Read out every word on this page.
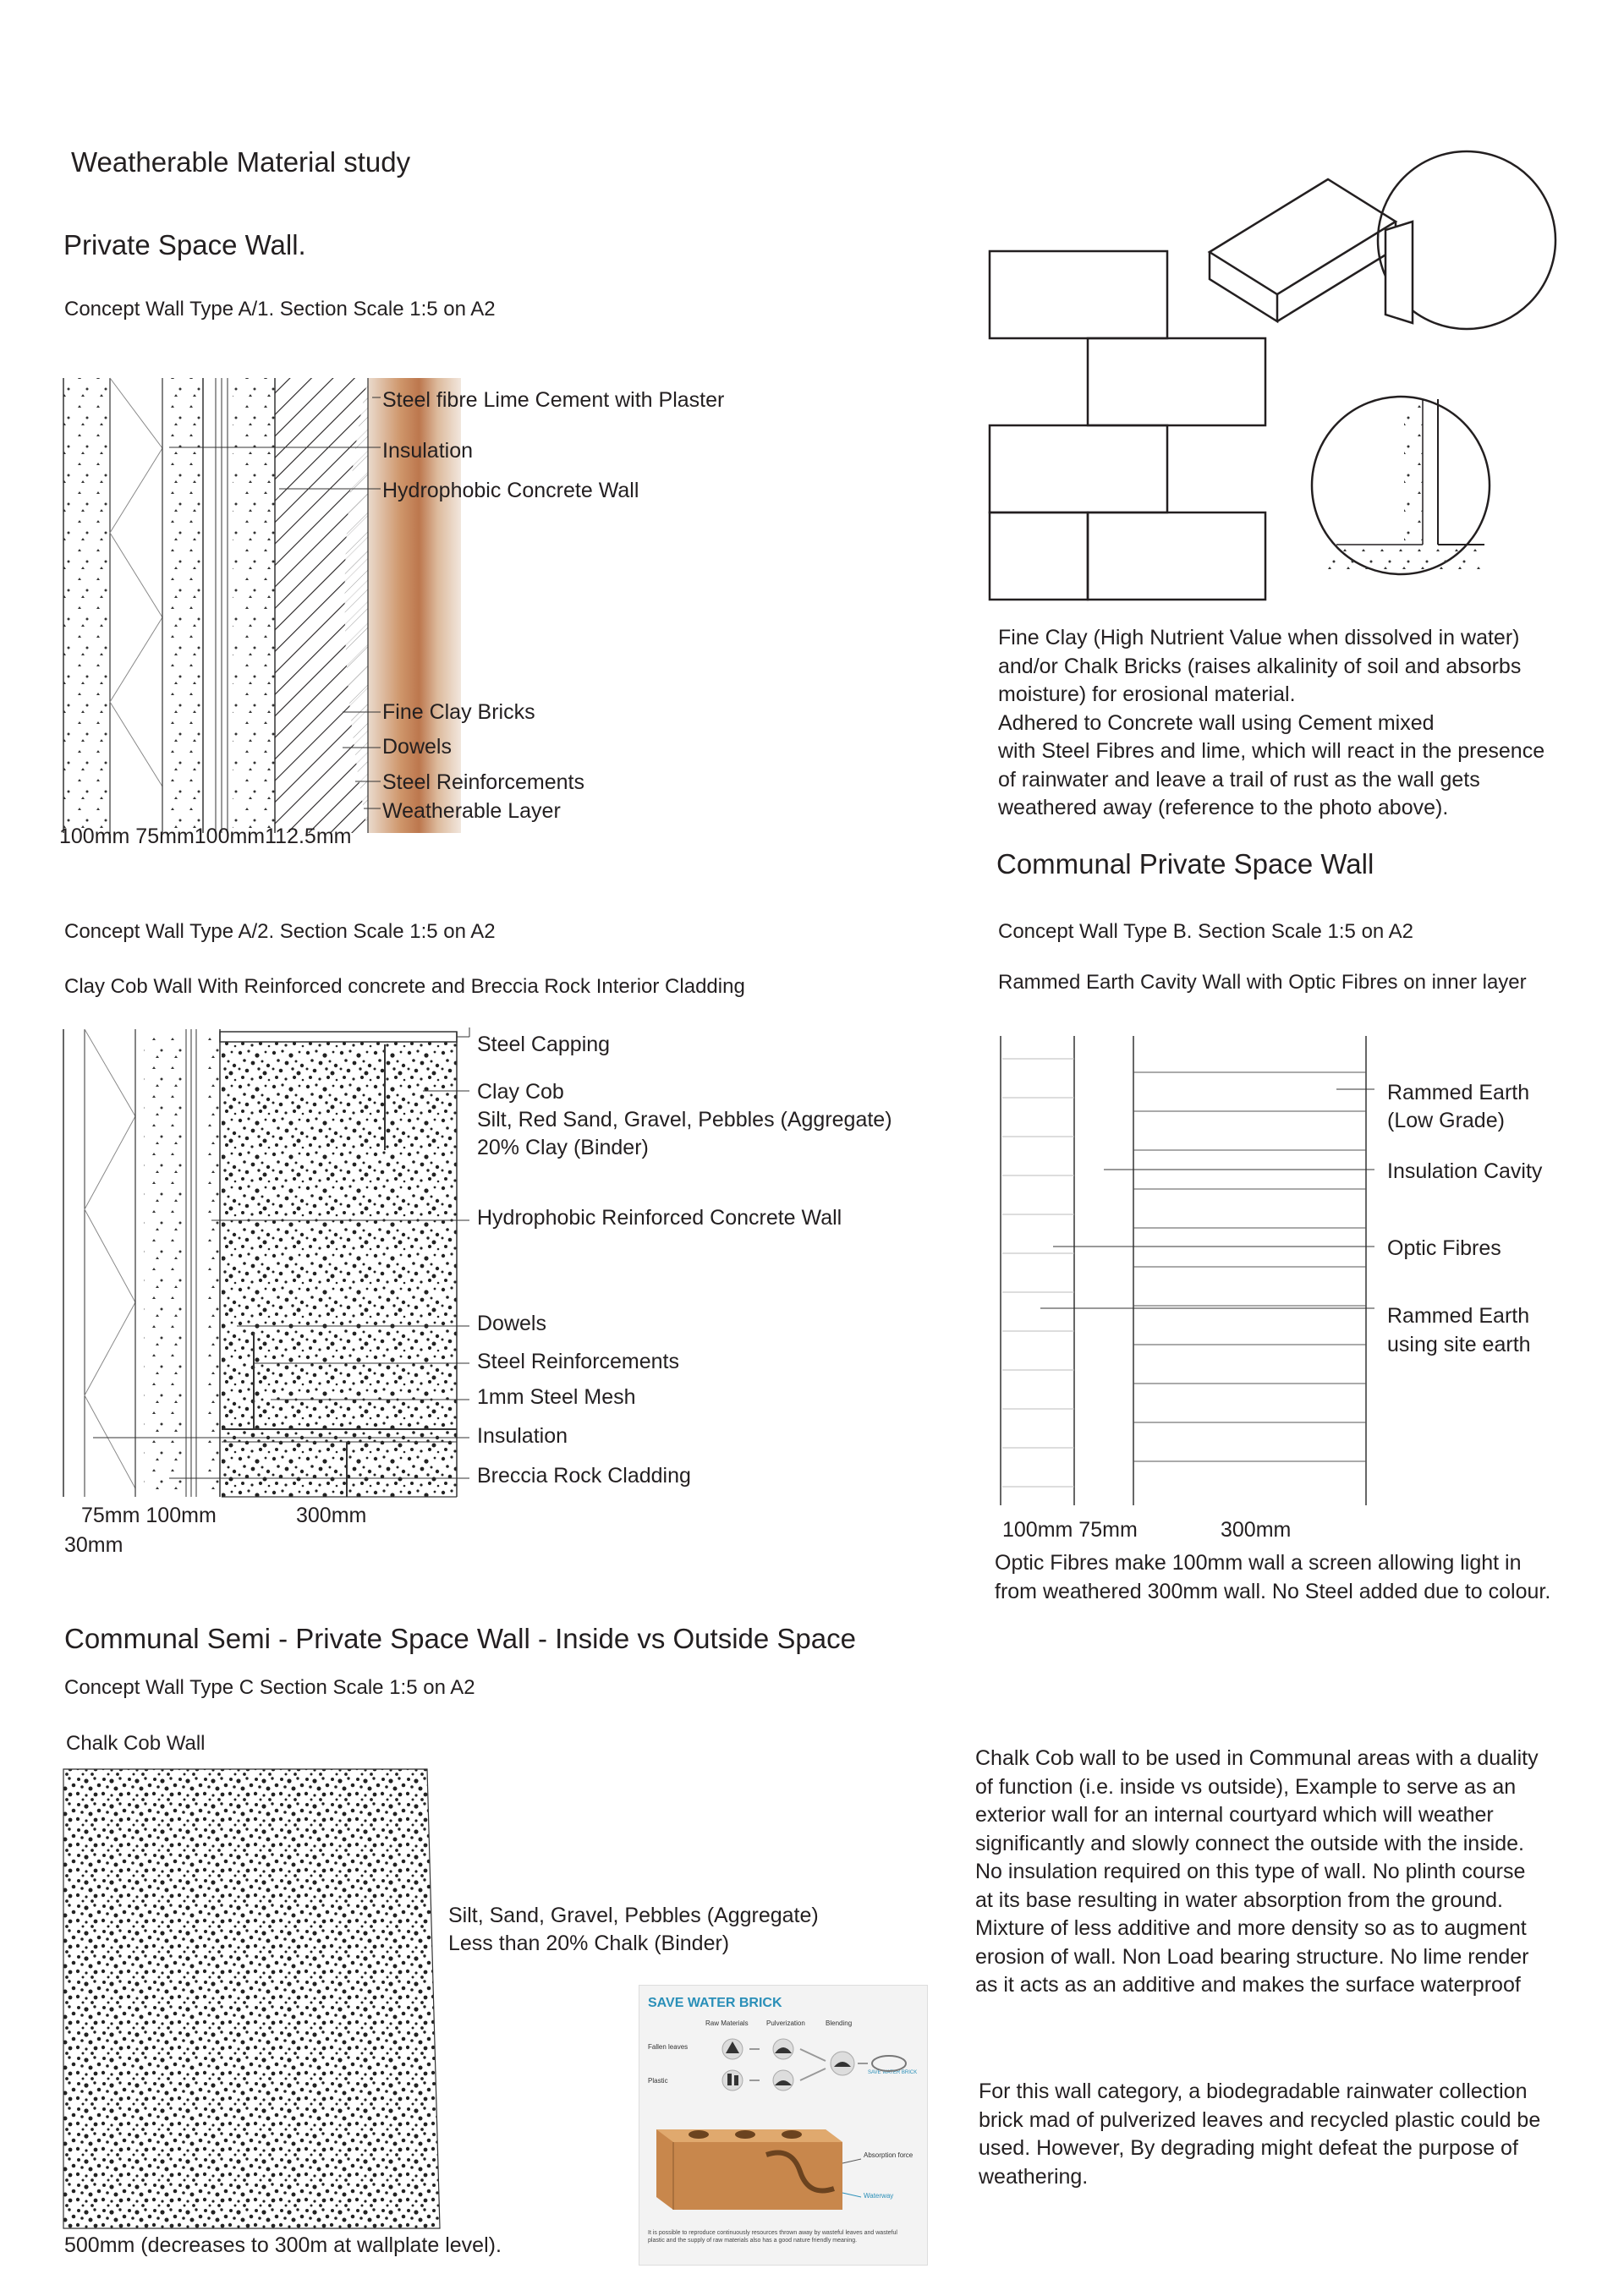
Weatherable Material study
Private Space Wall.
Concept Wall Type A/1. Section Scale 1:5 on A2
Steel fibre Lime Cement with Plaster
Insulation
Hydrophobic Concrete Wall
Fine Clay Bricks
Dowels
Steel Reinforcements
Weatherable Layer
100mm 75mm100mm112.5mm
Fine Clay (High Nutrient Value when dissolved in water)
and/or Chalk Bricks (raises alkalinity of soil and absorbs
moisture) for erosional material.
Adhered to Concrete wall using Cement mixed
with Steel Fibres and lime, which will react in the presence
of rainwater and leave a trail of rust as the wall gets
weathered away (reference to the photo above).
Communal Private Space Wall
Concept Wall Type A/2. Section Scale 1:5 on A2
Clay Cob Wall With Reinforced concrete and Breccia Rock Interior Cladding
Steel Capping
Clay Cob
Silt, Red Sand, Gravel, Pebbles (Aggregate)
20% Clay (Binder)
Hydrophobic Reinforced Concrete Wall
Dowels
Steel Reinforcements
1mm Steel Mesh
Insulation
Breccia Rock Cladding
75mm 100mm	300mm
30mm
Concept Wall Type B. Section Scale 1:5 on A2
Rammed Earth Cavity Wall with Optic Fibres on inner layer
Rammed Earth
(Low Grade)
Insulation Cavity
Optic Fibres
Rammed Earth
using site earth
100mm 75mm	300mm
Optic Fibres make 100mm wall a screen allowing light in
from weathered 300mm wall. No Steel added due to colour.
Communal Semi - Private Space Wall - Inside vs Outside Space
Concept Wall Type C Section Scale 1:5 on A2
Chalk Cob Wall
Silt, Sand, Gravel, Pebbles (Aggregate)
Less than 20% Chalk (Binder)
500mm (decreases to 300m at wallplate level).
Chalk Cob wall to be used in Communal areas with a duality
of function (i.e. inside vs outside), Example to serve as an
exterior wall for an internal courtyard which will weather
significantly and slowly connect the outside with the inside.
No insulation required on this type of wall. No plinth course
at its base resulting in water absorption from the ground.
Mixture of less additive and more density so as to augment
erosion of wall. Non Load bearing structure. No lime render
as it acts as an additive and makes the surface waterproof
For this wall category, a biodegradable rainwater collection
brick mad of pulverized leaves and recycled plastic could be
used. However, By degrading might defeat the purpose of
weathering.
SAVE WATER BRICK
Raw Materials	Pulverization	Blending
Fallen leaves
Plastic
SAVE WATER BRICK
Absorption force
Waterway
It is possible to reproduce continuously resources thrown away by wasteful leaves and wasteful plastic and the supply of raw materials also has a good nature friendly meaning.
